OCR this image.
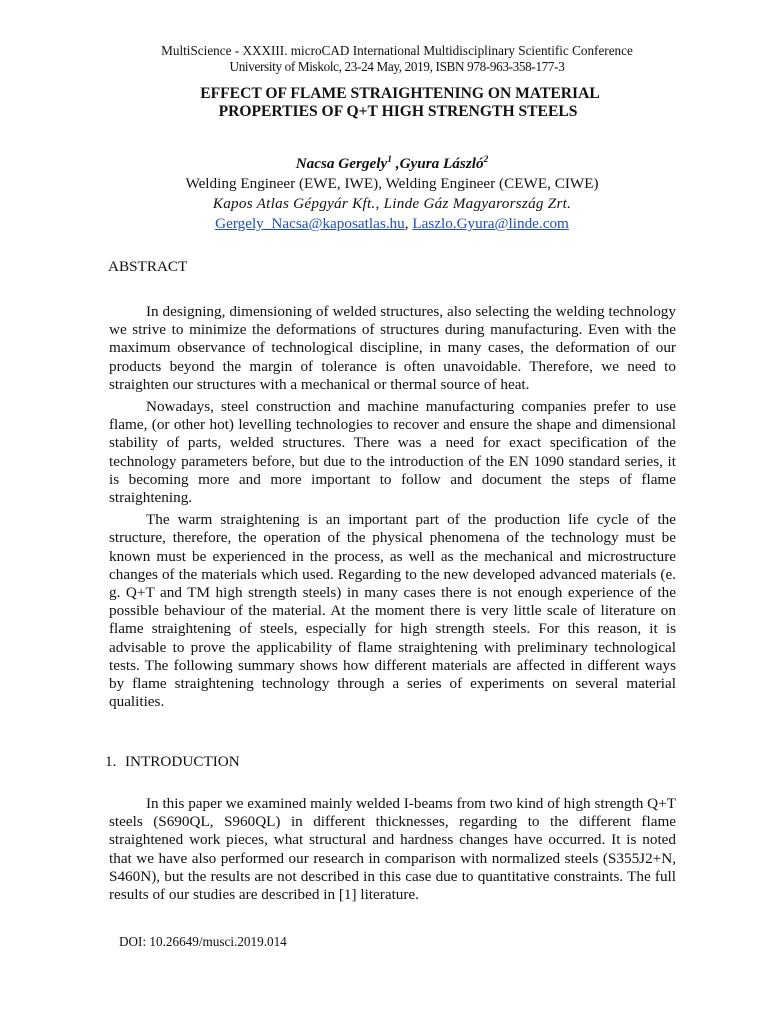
MultiScience - XXXIII. microCAD International Multidisciplinary Scientific Conference
University of Miskolc, 23-24 May, 2019, ISBN 978-963-358-177-3
EFFECT OF FLAME STRAIGHTENING ON MATERIAL
PROPERTIES OF Q+T HIGH STRENGTH STEELS
Nacsa Gergely$^1$ ,Gyura László$^2$
Welding Engineer (EWE, IWE), Welding Engineer (CEWE, CIWE)
Kapos Atlas Gépgyár Kft., Linde Gáz Magyarország Zrt.
Gergely_Nacsa@kaposatlas.hu, Laszlo.Gyura@linde.com
ABSTRACT

In designing, dimensioning of welded structures, also selecting the welding technology we strive to minimize the deformations of structures during manufacturing. Even with the maximum observance of technological discipline, in many cases, the deformation of our products beyond the margin of tolerance is often unavoidable. Therefore, we need to straighten our structures with a mechanical or thermal source of heat.

Nowadays, steel construction and machine manufacturing companies prefer to use flame, (or other hot) levelling technologies to recover and ensure the shape and dimensional stability of parts, welded structures. There was a need for exact specification of the technology parameters before, but due to the introduction of the EN 1090 standard series, it is becoming more and more important to follow and document the steps of flame straightening.

The warm straightening is an important part of the production life cycle of the structure, therefore, the operation of the physical phenomena of the technology must be known must be experienced in the process, as well as the mechanical and microstructure changes of the materials which used. Regarding to the new developed advanced materials (e. g. Q+T and TM high strength steels) in many cases there is not enough experience of the possible behaviour of the material. At the moment there is very little scale of literature on flame straightening of steels, especially for high strength steels. For this reason, it is advisable to prove the applicability of flame straightening with preliminary technological tests. The following summary shows how different materials are affected in different ways by flame straightening technology through a series of experiments on several material qualities.

1. INTRODUCTION

In this paper we examined mainly welded I-beams from two kind of high strength Q+T steels (S690QL, S960QL) in different thicknesses, regarding to the different flame straightened work pieces, what structural and hardness changes have occurred. It is noted that we have also performed our research in comparison with normalized steels (S355J2+N, S460N), but the results are not described in this case due to quantitative constraints. The full results of our studies are described in [1] literature.

DOI: 10.26649/musci.2019.014
